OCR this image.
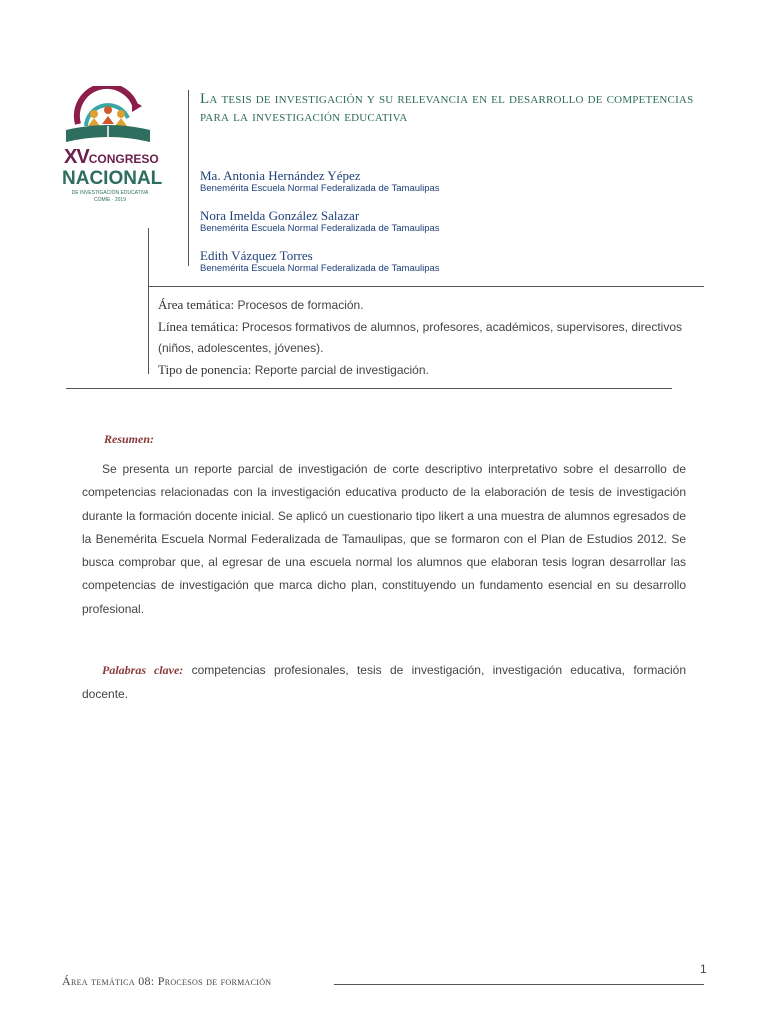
XVCONGRESO
NACIONAL
DE INVESTIGACIÓN EDUCATIVA
COMIE · 2019
La tesis de investigación y su relevancia en el desarrollo de competencias para la investigación educativa
Ma. Antonia Hernández Yépez
Benemérita Escuela Normal Federalizada de Tamaulipas
Nora Imelda González Salazar
Benemérita Escuela Normal Federalizada de Tamaulipas
Edith Vázquez Torres
Benemérita Escuela Normal Federalizada de Tamaulipas
Área temática: Procesos de formación.
Línea temática: Procesos formativos de alumnos, profesores, académicos, supervisores, directivos (niños, adolescentes, jóvenes).
Tipo de ponencia: Reporte parcial de investigación.
Resumen:
Se presenta un reporte parcial de investigación de corte descriptivo interpretativo sobre el desarrollo de competencias relacionadas con la investigación educativa producto de la elaboración de tesis de investigación durante la formación docente inicial. Se aplicó un cuestionario tipo likert a una muestra de alumnos egresados de la Benemérita Escuela Normal Federalizada de Tamaulipas, que se formaron con el Plan de Estudios 2012. Se busca comprobar que, al egresar de una escuela normal los alumnos que elaboran tesis logran desarrollar las competencias de investigación que marca dicho plan, constituyendo un fundamento esencial en su desarrollo profesional.
Palabras clave: competencias profesionales, tesis de investigación, investigación educativa, formación docente.
Área temática 08: Procesos de formación
1
